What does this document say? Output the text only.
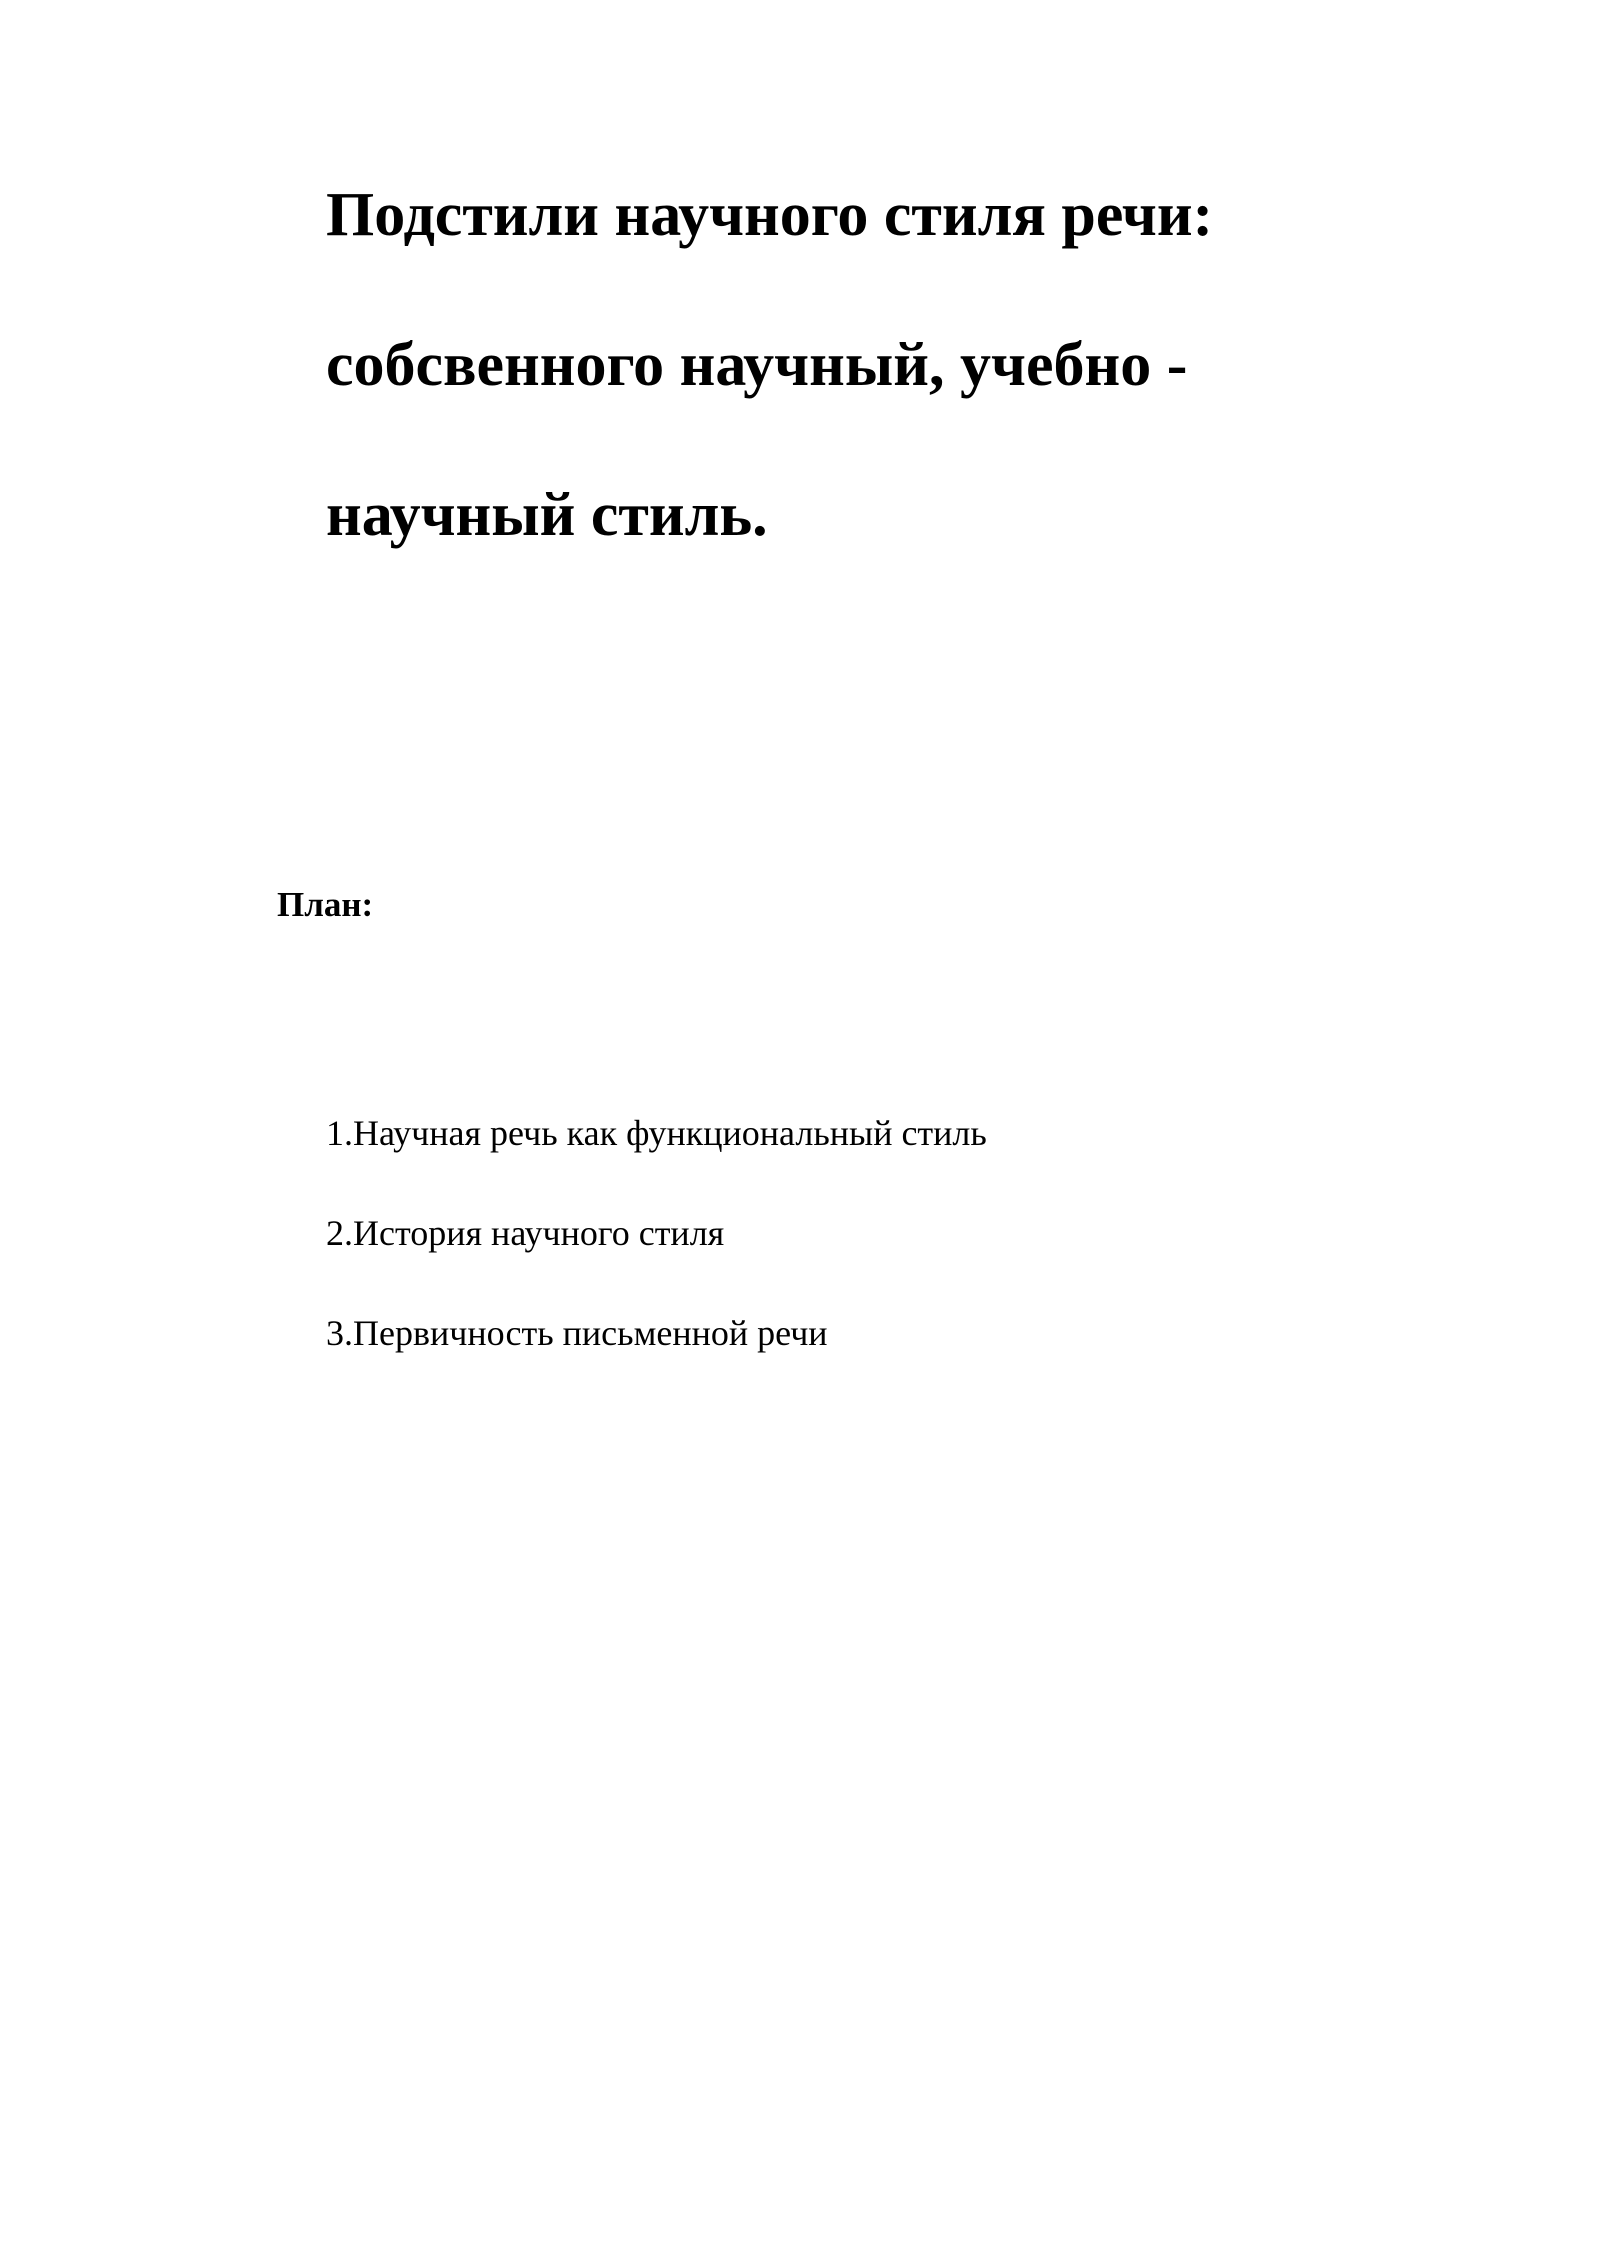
Подстили научного стиля речи:

собсвенного научный, учебно -

научный стиль.

План:
1.Научная речь как функциональный стиль
2.История научного стиля
3.Первичность письменной речи
